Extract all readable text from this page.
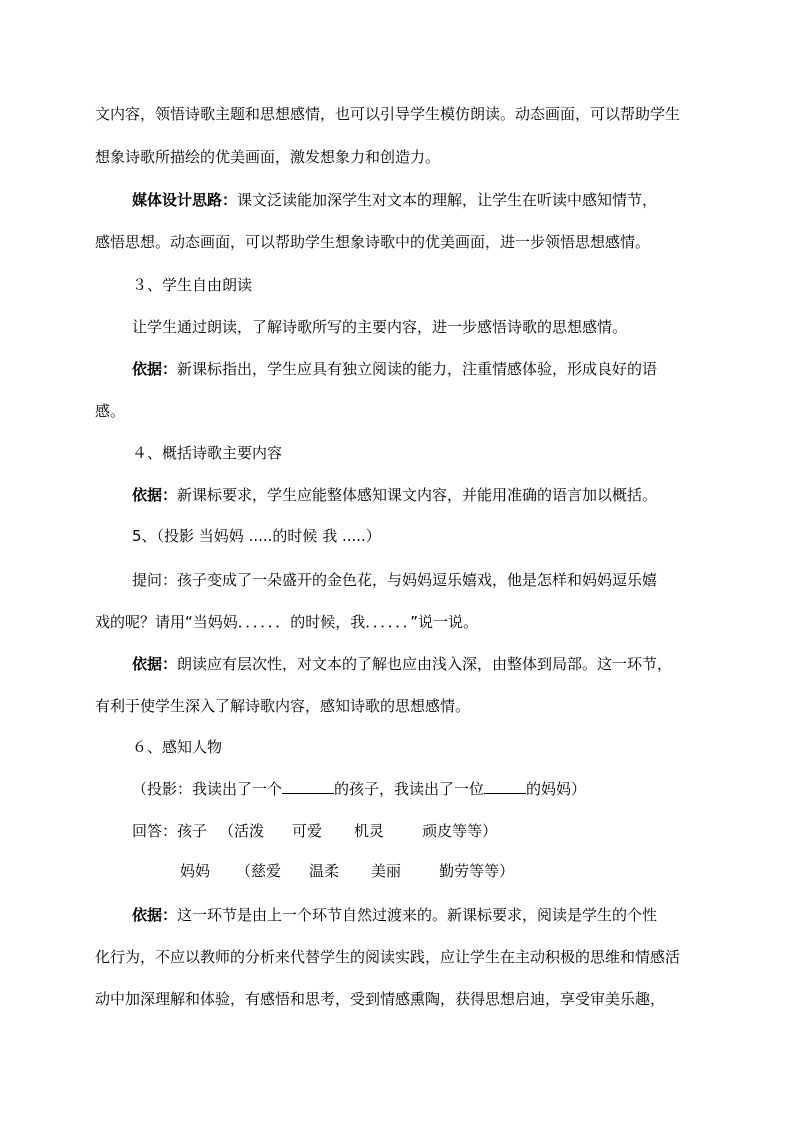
文内容，领悟诗歌主题和思想感情，也可以引导学生模仿朗读。动态画面，可以帮助学生
想象诗歌所描绘的优美画面，激发想象力和创造力。
媒体设计思路：课文泛读能加深学生对文本的理解，让学生在听读中感知情节，
感悟思想。动态画面，可以帮助学生想象诗歌中的优美画面，进一步领悟思想感情。
３、学生自由朗读
让学生通过朗读，了解诗歌所写的主要内容，进一步感悟诗歌的思想感情。
依据：新课标指出，学生应具有独立阅读的能力，注重情感体验，形成良好的语
感。
４、概括诗歌主要内容
依据：新课标要求，学生应能整体感知课文内容，并能用准确的语言加以概括。
5、（投影 当妈妈 .....的时候 我 .....）
提问：孩子变成了一朵盛开的金色花，与妈妈逗乐嬉戏，他是怎样和妈妈逗乐嬉
戏的呢？请用“当妈妈．．．．．．的时候，我．．．．．．”说一说。
依据：朗读应有层次性，对文本的了解也应由浅入深，由整体到局部。这一环节，
有利于使学生深入了解诗歌内容，感知诗歌的思想感情。
６、感知人物
（投影：我读出了一个	的孩子，我读出了一位	的妈妈）
回答：孩子 （活泼 可爱 机灵	顽皮等等）
妈妈 （慈爱 温柔 美丽	勤劳等等）
依据：这一环节是由上一个环节自然过渡来的。新课标要求，阅读是学生的个性
化行为，不应以教师的分析来代替学生的阅读实践，应让学生在主动积极的思维和情感活
动中加深理解和体验，有感悟和思考，受到情感熏陶，获得思想启迪，享受审美乐趣，
